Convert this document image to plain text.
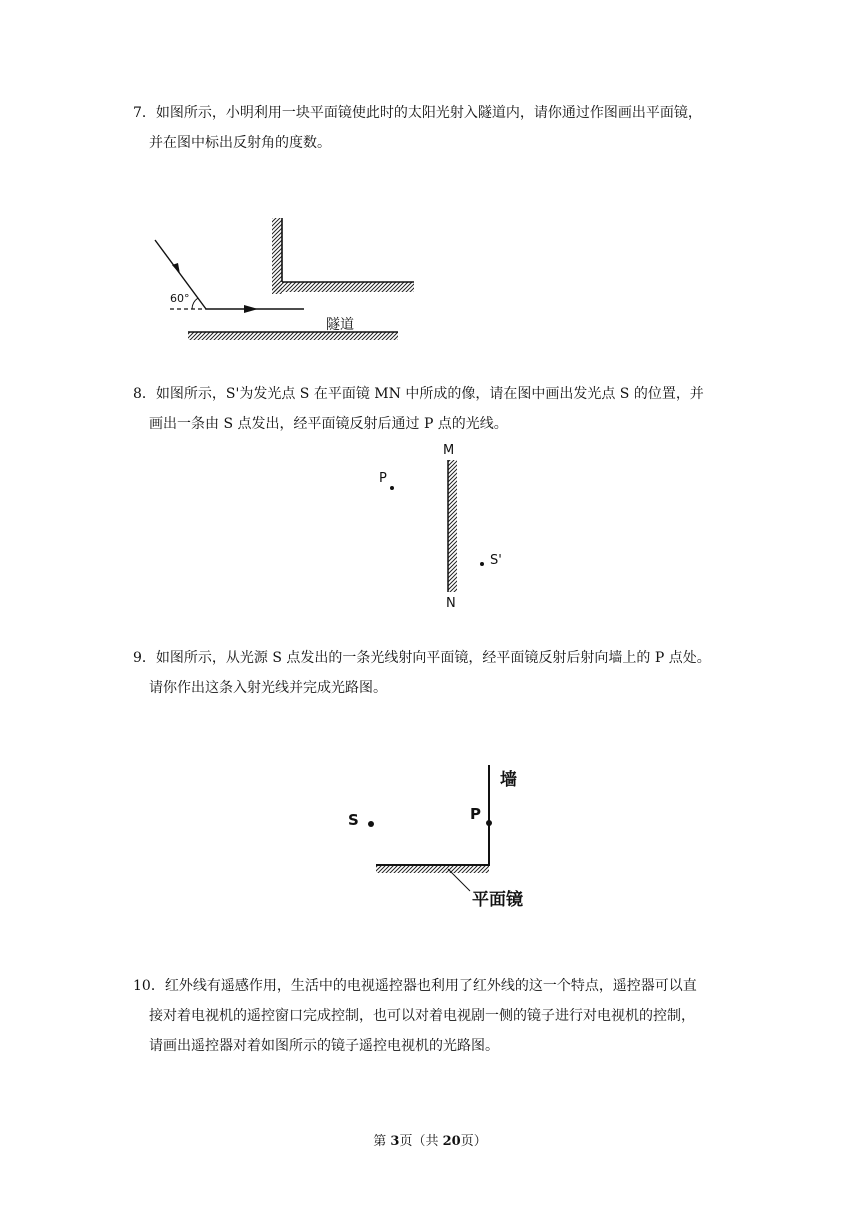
7．如图所示，小明利用一块平面镜使此时的太阳光射入隧道内，请你通过作图画出平面镜，
并在图中标出反射角的度数。
60°
隧道
8．如图所示，S'为发光点 S 在平面镜 MN 中所成的像，请在图中画出发光点 S 的位置，并
画出一条由 S 点发出，经平面镜反射后通过 P 点的光线。
M
N
P
S'
9．如图所示，从光源 S 点发出的一条光线射向平面镜，经平面镜反射后射向墙上的 P 点处。
请你作出这条入射光线并完成光路图。
墙
P
S
平面镜
10．红外线有遥感作用，生活中的电视遥控器也利用了红外线的这一个特点，遥控器可以直
接对着电视机的遥控窗口完成控制，也可以对着电视剧一侧的镜子进行对电视机的控制，
请画出遥控器对着如图所示的镜子遥控电视机的光路图。
第 3页（共 20页）
